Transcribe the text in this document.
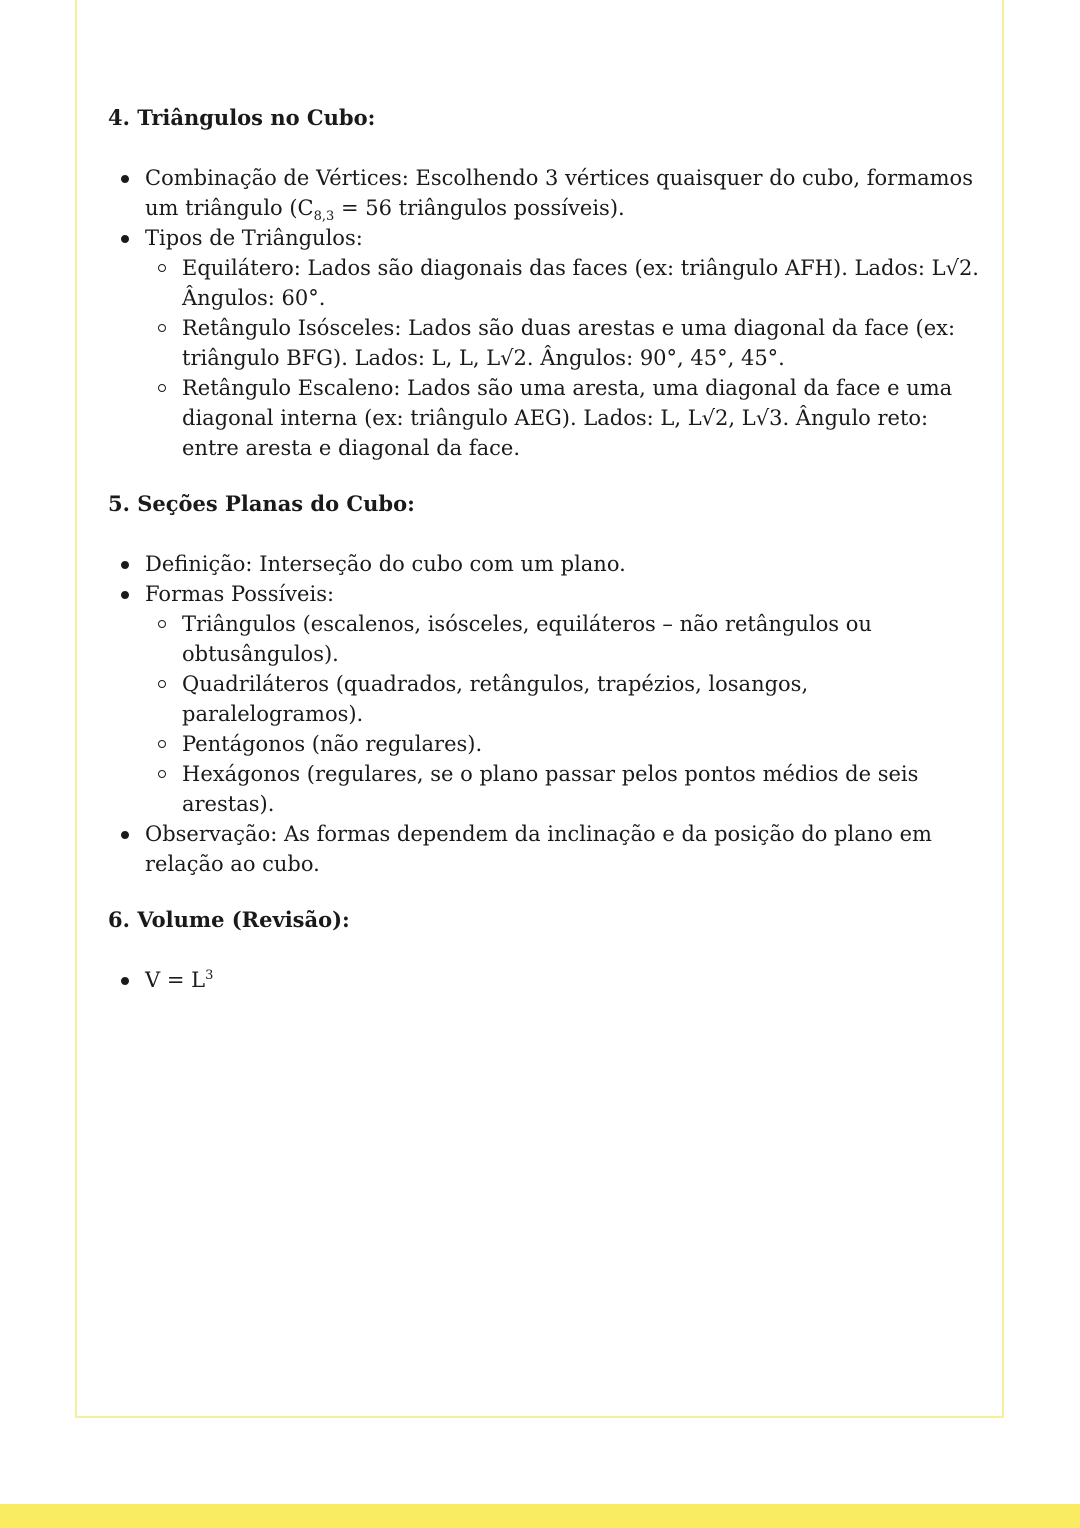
4. Triângulos no Cubo:
Combinação de Vértices: Escolhendo 3 vértices quaisquer do cubo, formamos um triângulo ($C_{8,3} = 56$ triângulos possíveis).
Tipos de Triângulos:
Equilátero: Lados são diagonais das faces (ex: triângulo AFH). Lados: L√2. Ângulos: 60°.
Retângulo Isósceles: Lados são duas arestas e uma diagonal da face (ex: triângulo BFG). Lados: L, L, L√2. Ângulos: 90°, 45°, 45°.
Retângulo Escaleno: Lados são uma aresta, uma diagonal da face e uma diagonal interna (ex: triângulo AEG). Lados: L, L√2, L√3. Ângulo reto: entre aresta e diagonal da face.
5. Seções Planas do Cubo:
Definição: Interseção do cubo com um plano.
Formas Possíveis:
Triângulos (escalenos, isósceles, equiláteros – não retângulos ou obtusângulos).
Quadriláteros (quadrados, retângulos, trapézios, losangos, paralelogramos).
Pentágonos (não regulares).
Hexágonos (regulares, se o plano passar pelos pontos médios de seis arestas).
Observação: As formas dependem da inclinação e da posição do plano em relação ao cubo.
6. Volume (Revisão):
$V = L^3$
